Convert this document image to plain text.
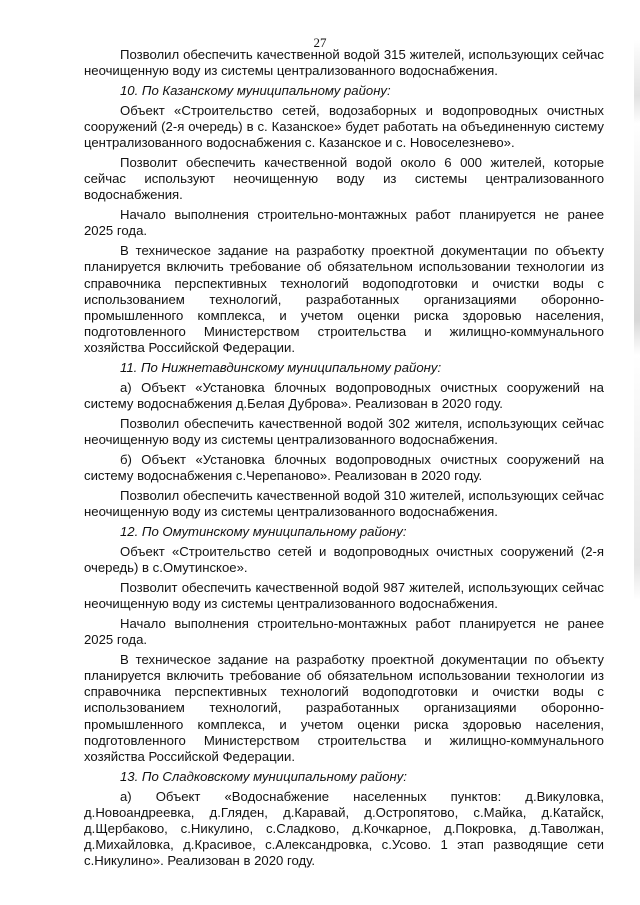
27

Позволил обеспечить качественной водой 315 жителей, использующих сейчас неочищенную воду из системы централизованного водоснабжения.

10. По Казанскому муниципальному району:

Объект «Строительство сетей, водозаборных и водопроводных очистных сооружений (2-я очередь) в с. Казанское» будет работать на объединенную систему централизованного водоснабжения с. Казанское и с. Новоселезнево».

Позволит обеспечить качественной водой около 6 000 жителей, которые сейчас используют неочищенную воду из системы централизованного водоснабжения.

Начало выполнения строительно-монтажных работ планируется не ранее 2025 года.

В техническое задание на разработку проектной документации по объекту планируется включить требование об обязательном использовании технологии из справочника перспективных технологий водоподготовки и очистки воды с использованием технологий, разработанных организациями оборонно-промышленного комплекса, и учетом оценки риска здоровью населения, подготовленного Министерством строительства и жилищно-коммунального хозяйства Российской Федерации.

11. По Нижнетавдинскому муниципальному району:

а) Объект «Установка блочных водопроводных очистных сооружений на систему водоснабжения д.Белая Дуброва». Реализован в 2020 году.

Позволил обеспечить качественной водой 302 жителя, использующих сейчас неочищенную воду из системы централизованного водоснабжения.

б) Объект «Установка блочных водопроводных очистных сооружений на систему водоснабжения с.Черепаново». Реализован в 2020 году.

Позволил обеспечить качественной водой 310 жителей, использующих сейчас неочищенную воду из системы централизованного водоснабжения.

12. По Омутинскому муниципальному району:

Объект «Строительство сетей и водопроводных очистных сооружений (2-я очередь) в с.Омутинское».

Позволит обеспечить качественной водой 987 жителей, использующих сейчас неочищенную воду из системы централизованного водоснабжения.

Начало выполнения строительно-монтажных работ планируется не ранее 2025 года.

В техническое задание на разработку проектной документации по объекту планируется включить требование об обязательном использовании технологии из справочника перспективных технологий водоподготовки и очистки воды с использованием технологий, разработанных организациями оборонно-промышленного комплекса, и учетом оценки риска здоровью населения, подготовленного Министерством строительства и жилищно-коммунального хозяйства Российской Федерации.

13. По Сладковскому муниципальному району:

а) Объект «Водоснабжение населенных пунктов: д.Викуловка, д.Новоандреевка, д.Гляден, д.Каравай, д.Остропятово, с.Майка, д.Катайск, д.Щербаково, с.Никулино, с.Сладково, д.Кочкарное, д.Покровка, д.Таволжан, д.Михайловка, д.Красивое, с.Александровка, с.Усово. 1 этап разводящие сети с.Никулино». Реализован в 2020 году.
